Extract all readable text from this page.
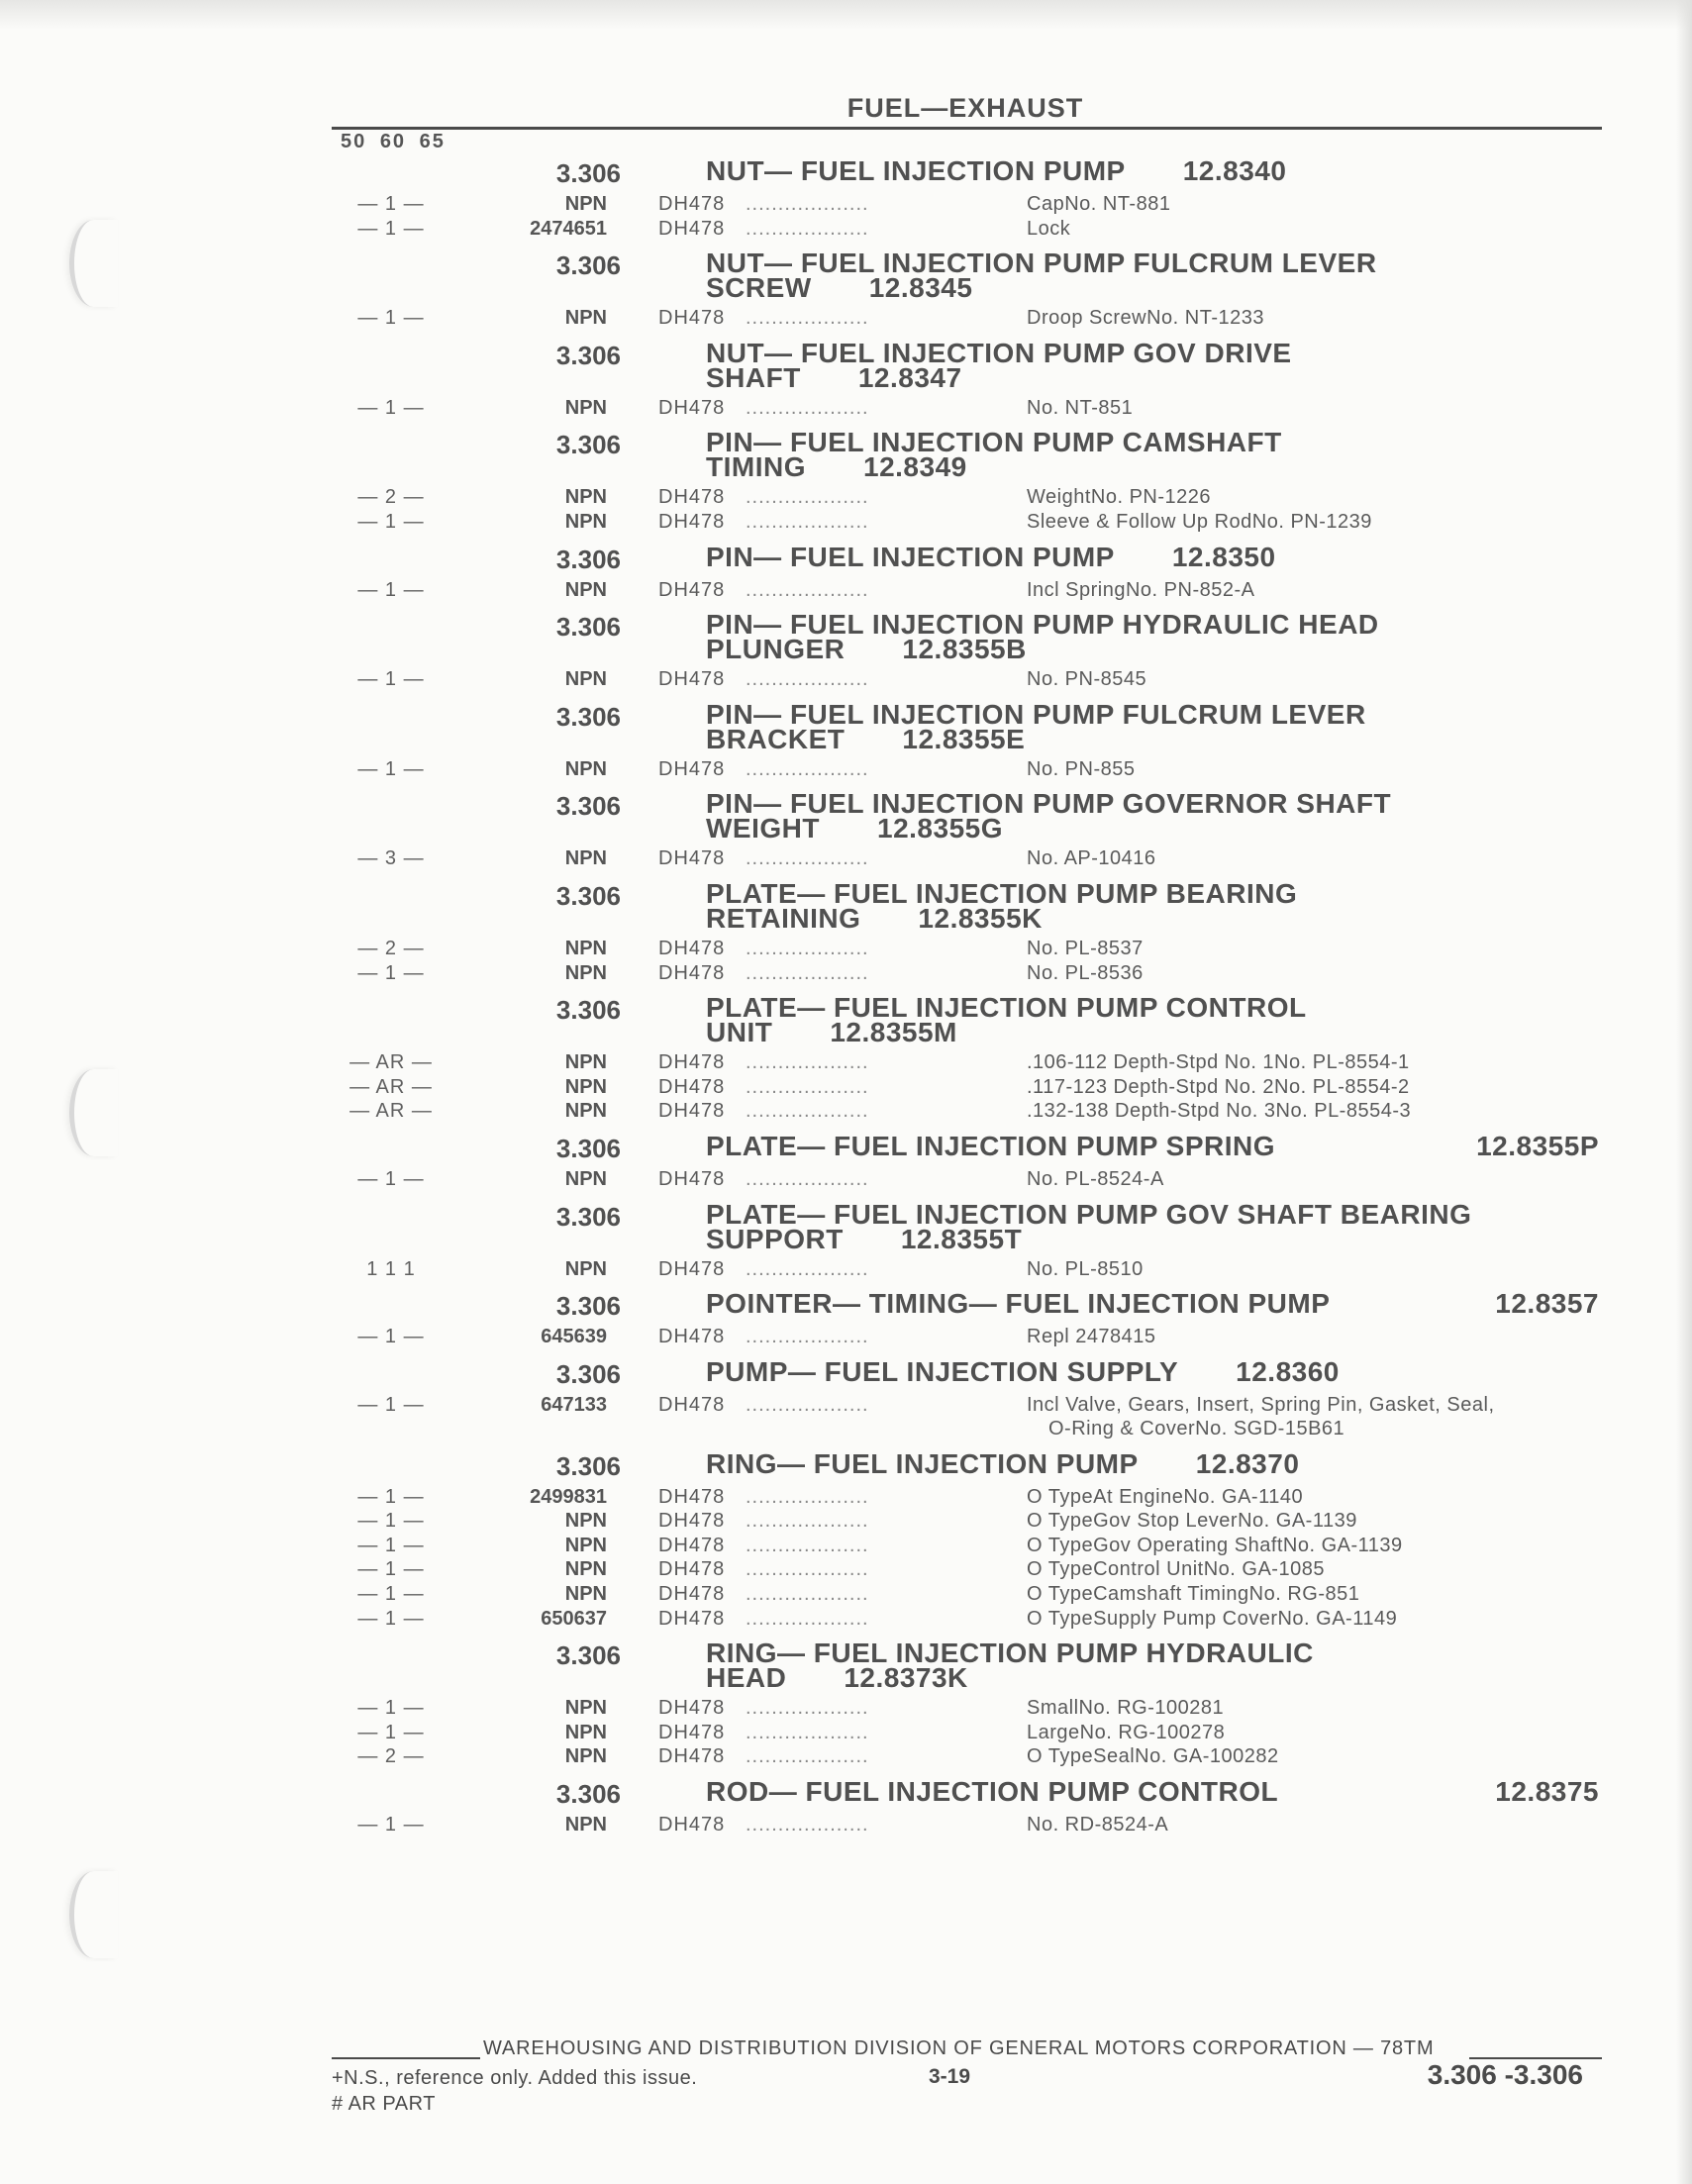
FUEL—EXHAUST
50 60 65
3.306	NUT— FUEL INJECTION PUMP 12.8340
— 1 —	NPN	DH478 ...................	CapNo. NT-881
— 1 —	2474651	DH478 ...................	Lock
3.306	NUT— FUEL INJECTION PUMP FULCRUM LEVER
SCREW 12.8345
— 1 —	NPN	DH478 ...................	Droop ScrewNo. NT-1233
3.306	NUT— FUEL INJECTION PUMP GOV DRIVE
SHAFT 12.8347
— 1 —	NPN	DH478 ...................	No. NT-851
3.306	PIN— FUEL INJECTION PUMP CAMSHAFT
TIMING 12.8349
— 2 —	NPN	DH478 ...................	WeightNo. PN-1226
— 1 —	NPN	DH478 ...................	Sleeve & Follow Up RodNo. PN-1239
3.306	PIN— FUEL INJECTION PUMP 12.8350
— 1 —	NPN	DH478 ...................	Incl SpringNo. PN-852-A
3.306	PIN— FUEL INJECTION PUMP HYDRAULIC HEAD
PLUNGER 12.8355B
— 1 —	NPN	DH478 ...................	No. PN-8545
3.306	PIN— FUEL INJECTION PUMP FULCRUM LEVER
BRACKET 12.8355E
— 1 —	NPN	DH478 ...................	No. PN-855
3.306	PIN— FUEL INJECTION PUMP GOVERNOR SHAFT
WEIGHT 12.8355G
— 3 —	NPN	DH478 ...................	No. AP-10416
3.306	PLATE— FUEL INJECTION PUMP BEARING
RETAINING 12.8355K
— 2 —	NPN	DH478 ...................	No. PL-8537
— 1 —	NPN	DH478 ...................	No. PL-8536
3.306	PLATE— FUEL INJECTION PUMP CONTROL
UNIT 12.8355M
— AR —	NPN	DH478 ...................	.106-112 Depth-Stpd No. 1No. PL-8554-1
— AR —	NPN	DH478 ...................	.117-123 Depth-Stpd No. 2No. PL-8554-2
— AR —	NPN	DH478 ...................	.132-138 Depth-Stpd No. 3No. PL-8554-3
3.306	PLATE— FUEL INJECTION PUMP SPRING	12.8355P
— 1 —	NPN	DH478 ...................	No. PL-8524-A
3.306	PLATE— FUEL INJECTION PUMP GOV SHAFT BEARING
SUPPORT 12.8355T
1 1 1	NPN	DH478 ...................	No. PL-8510
3.306	POINTER— TIMING— FUEL INJECTION PUMP	12.8357
— 1 —	645639	DH478 ...................	Repl 2478415
3.306	PUMP— FUEL INJECTION SUPPLY 12.8360
— 1 —	647133	DH478 ...................	Incl Valve, Gears, Insert, Spring Pin, Gasket, Seal,
O-Ring & CoverNo. SGD-15B61
3.306	RING— FUEL INJECTION PUMP 12.8370
— 1 —	2499831	DH478 ...................	O TypeAt EngineNo. GA-1140
— 1 —	NPN	DH478 ...................	O TypeGov Stop LeverNo. GA-1139
— 1 —	NPN	DH478 ...................	O TypeGov Operating ShaftNo. GA-1139
— 1 —	NPN	DH478 ...................	O TypeControl UnitNo. GA-1085
— 1 —	NPN	DH478 ...................	O TypeCamshaft TimingNo. RG-851
— 1 —	650637	DH478 ...................	O TypeSupply Pump CoverNo. GA-1149
3.306	RING— FUEL INJECTION PUMP HYDRAULIC
HEAD 12.8373K
— 1 —	NPN	DH478 ...................	SmallNo. RG-100281
— 1 —	NPN	DH478 ...................	LargeNo. RG-100278
— 2 —	NPN	DH478 ...................	O TypeSealNo. GA-100282
3.306	ROD— FUEL INJECTION PUMP CONTROL	12.8375
— 1 —	NPN	DH478 ...................	No. RD-8524-A
WAREHOUSING AND DISTRIBUTION DIVISION OF GENERAL MOTORS CORPORATION — 78TM
+N.S., reference only. Added this issue.
# AR PART
3-19	3.306 -3.306
